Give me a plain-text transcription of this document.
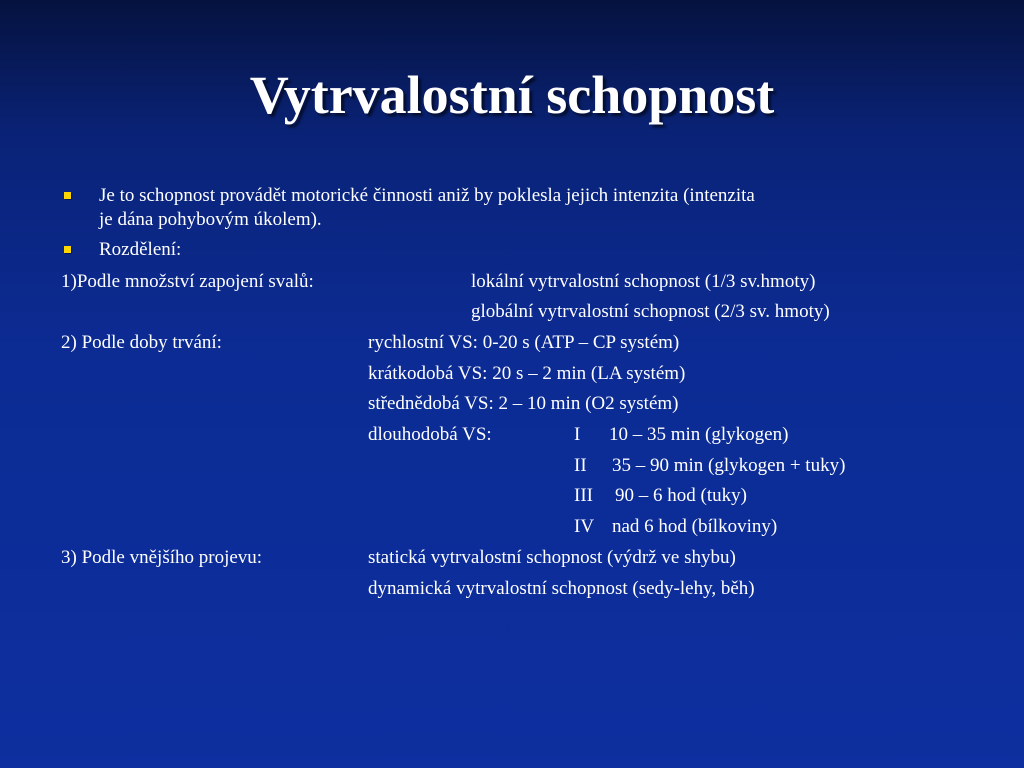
Vytrvalostní schopnost
Je to schopnost provádět motorické činnosti aniž by poklesla jejich intenzita (intenzita
je dána pohybovým úkolem).
Rozdělení:
1)Podle množství zapojení svalů:	lokální vytrvalostní schopnost (1/3 sv.hmoty)
globální vytrvalostní schopnost (2/3 sv. hmoty)
2) Podle doby trvání:	rychlostní VS: 0-20 s (ATP – CP systém)
krátkodobá VS: 20 s – 2 min (LA systém)
střednědobá VS: 2 – 10 min (O2 systém)
dlouhodobá VS:	I 10 – 35 min (glykogen)
II 35 – 90 min (glykogen + tuky)
III 90 – 6 hod (tuky)
IV nad 6 hod (bílkoviny)
3) Podle vnějšího projevu:	statická vytrvalostní schopnost (výdrž ve shybu)
dynamická vytrvalostní schopnost (sedy-lehy, běh)
